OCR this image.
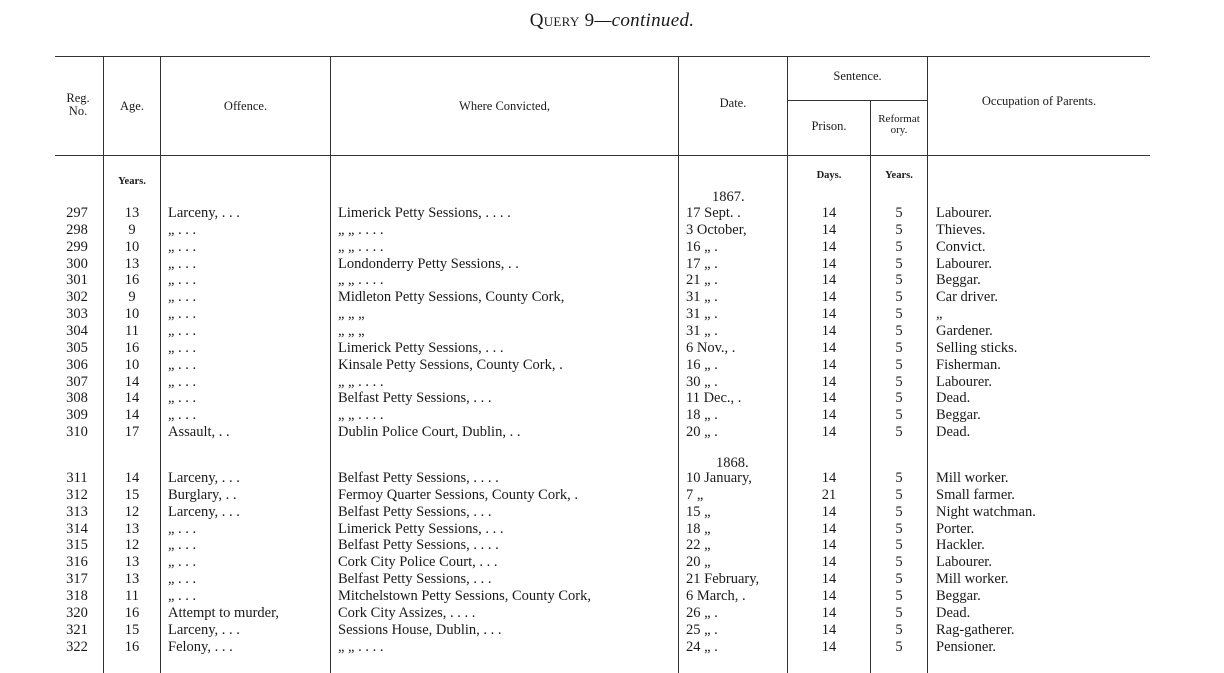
Query 9—continued.
Reg. No.	Age.	Offence.	Where Convicted,	Date.
Sentence.
Prison.	Reformatory.
Occupation of Parents.
Years.
Days.	Years.
1867.
1868.
297	13	Larceny, . . .	Limerick Petty Sessions, . . . .	17 Sept. .	14	5	Labourer.
298	9	„ . . .	„ „ . . . .	3 October,	14	5	Thieves.
299	10	„ . . .	„ „ . . . .	16 „ .	14	5	Convict.
300	13	„ . . .	Londonderry Petty Sessions, . .	17 „ .	14	5	Labourer.
301	16	„ . . .	„ „ . . . .	21 „ .	14	5	Beggar.
302	9	„ . . .	Midleton Petty Sessions, County Cork,	31 „ .	14	5	Car driver.
303	10	„ . . .	„ „ „	31 „ .	14	5	„
304	11	„ . . .	„ „ „	31 „ .	14	5	Gardener.
305	16	„ . . .	Limerick Petty Sessions, . . .	6 Nov., .	14	5	Selling sticks.
306	10	„ . . .	Kinsale Petty Sessions, County Cork, .	16 „ .	14	5	Fisherman.
307	14	„ . . .	„ „ . . . .	30 „ .	14	5	Labourer.
308	14	„ . . .	Belfast Petty Sessions, . . .	11 Dec., .	14	5	Dead.
309	14	„ . . .	„ „ . . . .	18 „ .	14	5	Beggar.
310	17	Assault, . .	Dublin Police Court, Dublin, . .	20 „ .	14	5	Dead.
311	14	Larceny, . . .	Belfast Petty Sessions, . . . .	10 January,	14	5	Mill worker.
312	15	Burglary, . .	Fermoy Quarter Sessions, County Cork, .	7 „	21	5	Small farmer.
313	12	Larceny, . . .	Belfast Petty Sessions, . . .	15 „	14	5	Night watchman.
314	13	„ . . .	Limerick Petty Sessions, . . .	18 „	14	5	Porter.
315	12	„ . . .	Belfast Petty Sessions, . . . .	22 „	14	5	Hackler.
316	13	„ . . .	Cork City Police Court, . . .	20 „	14	5	Labourer.
317	13	„ . . .	Belfast Petty Sessions, . . .	21 February,	14	5	Mill worker.
318	11	„ . . .	Mitchelstown Petty Sessions, County Cork,	6 March, .	14	5	Beggar.
320	16	Attempt to murder,	Cork City Assizes, . . . .	26 „ .	14	5	Dead.
321	15	Larceny, . . .	Sessions House, Dublin, . . .	25 „ .	14	5	Rag-gatherer.
322	16	Felony, . . .	„ „ . . . .	24 „ .	14	5	Pensioner.
